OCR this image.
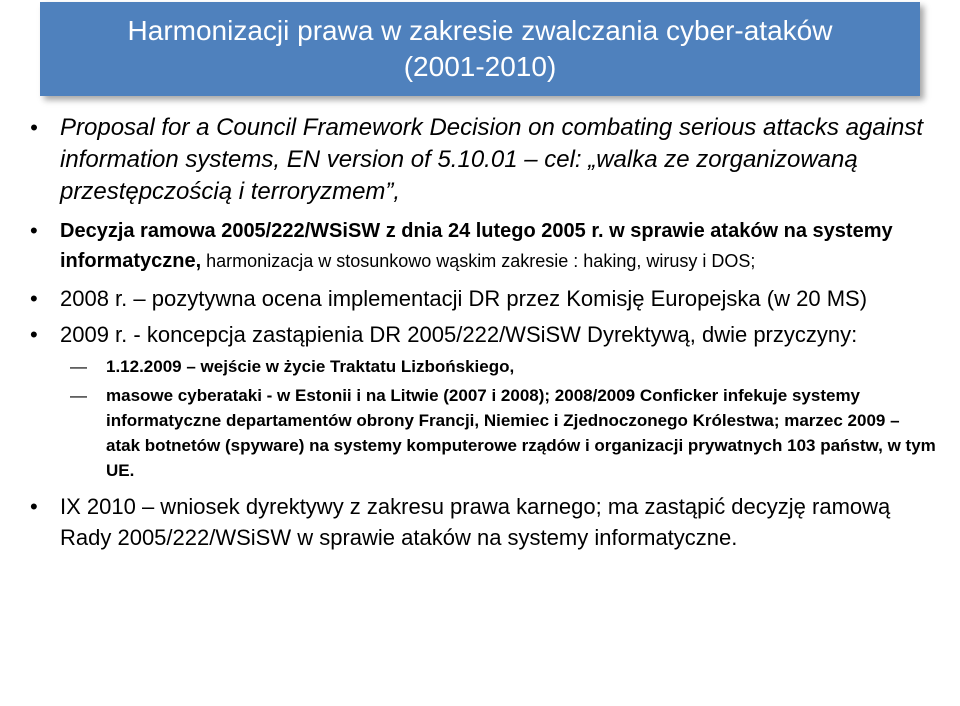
Harmonizacji prawa w zakresie zwalczania cyber-ataków
(2001-2010)
• Proposal for a Council Framework Decision on combating serious attacks against information systems, EN version of 5.10.01 – cel: „walka ze zorganizowaną przestępczością i terroryzmem”,
• Decyzja ramowa 2005/222/WSiSW z dnia 24 lutego 2005 r. w sprawie ataków na systemy informatyczne, harmonizacja w stosunkowo wąskim zakresie : haking, wirusy i DOS;
• 2008 r. – pozytywna ocena implementacji DR przez Komisję Europejska (w 20 MS)
• 2009 r. - koncepcja zastąpienia DR 2005/222/WSiSW Dyrektywą, dwie przyczyny:
— 1.12.2009 – wejście w życie Traktatu Lizbońskiego,
— masowe cyberataki - w Estonii i na Litwie (2007 i 2008); 2008/2009 Conficker infekuje systemy informatyczne departamentów obrony Francji, Niemiec i Zjednoczonego Królestwa; marzec 2009 – atak botnetów (spyware) na systemy komputerowe rządów i organizacji prywatnych 103 państw, w tym UE.
• IX 2010 – wniosek dyrektywy z zakresu prawa karnego; ma zastąpić decyzję ramową Rady 2005/222/WSiSW w sprawie ataków na systemy informatyczne.
